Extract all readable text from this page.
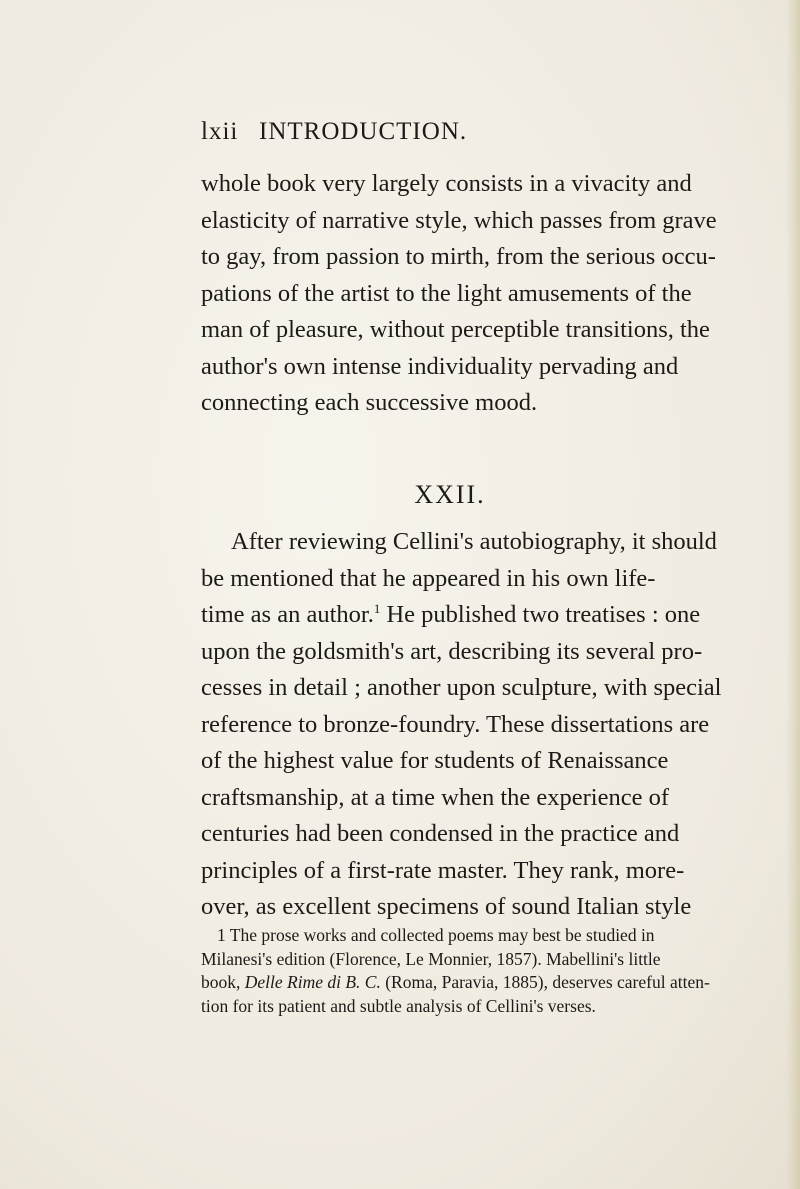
lxii INTRODUCTION.
whole book very largely consists in a vivacity and
elasticity of narrative style, which passes from grave
to gay, from passion to mirth, from the serious occu-
pations of the artist to the light amusements of the
man of pleasure, without perceptible transitions, the
author's own intense individuality pervading and
connecting each successive mood.
XXII.
After reviewing Cellini's autobiography, it should
be mentioned that he appeared in his own life-
time as an author.$^1$ He published two treatises : one
upon the goldsmith's art, describing its several pro-
cesses in detail ; another upon sculpture, with special
reference to bronze-foundry. These dissertations are
of the highest value for students of Renaissance
craftsmanship, at a time when the experience of
centuries had been condensed in the practice and
principles of a first-rate master. They rank, more-
over, as excellent specimens of sound Italian style
1 The prose works and collected poems may best be studied in
Milanesi's edition (Florence, Le Monnier, 1857). Mabellini's little
book, Delle Rime di B. C. (Roma, Paravia, 1885), deserves careful atten-
tion for its patient and subtle analysis of Cellini's verses.
